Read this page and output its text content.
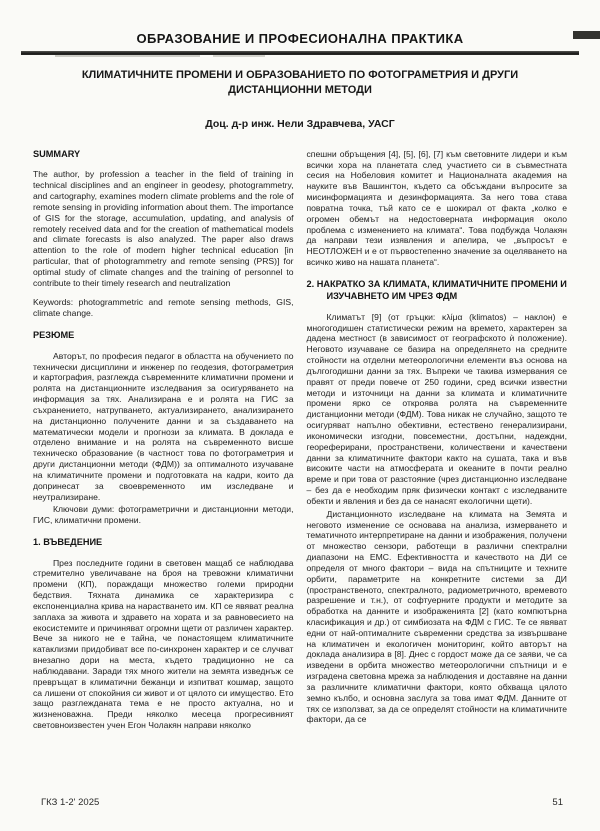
ОБРАЗОВАНИЕ И ПРОФЕСИОНАЛНА ПРАКТИКА
КЛИМАТИЧНИТЕ ПРОМЕНИ И ОБРАЗОВАНИЕТО ПО ФОТОГРАМЕТРИЯ И ДРУГИ ДИСТАНЦИОННИ МЕТОДИ
Доц. д-р инж. Нели Здравчева, УАСГ
SUMMARY

The author, by profession a teacher in the field of training in technical disciplines and an engineer in geodesy, photogrammetry, and cartography, examines modern climate problems and the role of remote sensing in providing information about them. The importance of GIS for the storage, accumulation, updating, and analysis of remotely received data and for the creation of mathematical models and climate forecasts is also analyzed. The paper also draws attention to the role of modern higher technical education [in particular, that of photogrammetry and remote sensing (PRS)] for optimal study of climate changes and the training of personnel to contribute to their timely research and neutralization

Keywords: photogrammetric and remote sensing methods, GIS, climate change.

РЕЗЮМЕ

Авторът, по професия педагог в областта на обучението по технически дисциплини и инженер по геодезия, фотограметрия и картография, разглежда съвременните климатични промени и ролята на дистанционните изследвания за осигуряването на информация за тях. Анализирана е и ролята на ГИС за съхранението, натрупването, актуализирането, анализирането на дистанционно получените данни и за създаването на математически модели и прогнози за климата. В доклада е отделено внимание и на ролята на съвременното висше техническо образование (в частност това по фотограметрия и други дистанционни методи (ФДМ)) за оптималното изучаване на климатичните промени и подготовката на кадри, които да допринесат за своевременното им изследване и неутрализиране.

Ключови думи: фотограметрични и дистанционни методи, ГИС, климатични промени.

1. ВЪВЕДЕНИЕ

През последните години в световен мащаб се наблюдава стремително увеличаване на броя на тревожни климатични промени (КП), пораждащи множество големи природни бедствия. Тяхната динамика се характеризира с експоненциална крива на нарастването им. КП се явяват реална заплаха за живота и здравето на хората и за равновесието на екосистемите и причиняват огромни щети от различен характер. Вече за никого не е тайна, че понастоящем климатичните катаклизми придобиват все по-синхронен характер и се случват внезапно дори на места, където традиционно не са наблюдавани. Заради тях много жители на земята изведнъж се превръщат в климатични бежанци и изпитват кошмар, защото са лишени от спокойния си живот и от цялото си имущество. Ето защо разглежданата тема е не просто актуална, но и жизненоважна. Преди няколко месеца прогресивният световноизвестен учен Егон Чолакян направи няколко

спешни обръщения [4], [5], [6], [7] към световните лидери и към всички хора на планетата след участието си в съвместната сесия на Нобеловия комитет и Националната академия на науките във Вашингтон, където са обсъждани въпросите за мисинформацията и дезинформацията. За него това става повратна точка, тъй като се е шокирал от факта „колко е огромен обемът на недостоверната информация около проблема с изменението на климата“. Това подбужда Чолакян да направи тези изявления и апелира, че „въпросът е НЕОТЛОЖЕН и е от първостепенно значение за оцеляването на всичко живо на нашата планета“.

2. НАКРАТКО ЗА КЛИМАТА, КЛИМАТИЧНИТЕ ПРОМЕНИ И ИЗУЧАВНЕТО ИМ ЧРЕЗ ФДМ

Климатът [9] (от гръцки: κλίμα (klimatos) – наклон) е многогодишен статистически режим на времето, характерен за дадена местност (в зависимост от географското ѝ положение). Неговото изучаване се базира на определянето на средните стойности на отделни метеорологични елементи въз основа на дългогодишни данни за тях. Въпреки че такива измервания се правят от преди повече от 250 години, сред всички известни методи и източници на данни за климата и климатичните промени ярко се откроява ролята на съвременните дистанционни методи (ФДМ). Това никак не случайно, защото те осигуряват напълно обективни, естествено генерализирани, икономически изгодни, повсеместни, достъпни, надеждни, геореферирани, пространствени, количествени и качествени данни за климатичните фактори както на сушата, така и във високите части на атмосферата и океаните в почти реално време и при това от разстояние (чрез дистанционно изследване – без да е необходим пряк физически контакт с изследваните обекти и явления и без да се нанасят екологични щети).

Дистанционното изследване на климата на Земята и неговото изменение се основава на анализа, измерването и тематичното интерпретиране на данни и изображения, получени от множество сензори, работещи в различни спектрални диапазони на ЕМС. Ефективността и качеството на ДИ се определя от много фактори – вида на спътниците и техните орбити, параметрите на конкретните системи за ДИ (пространственото, спектралното, радиометричното, времевото разрешение и т.н.), от софтуерните продукти и методите за обработка на данните и изображенията [2] (като компютърна класификация и др.) от симбиозата на ФДМ с ГИС. Те се явяват едни от най-оптималните съвременни средства за извършване на климатичен и екологичен мониторинг, който авторът на доклада анализира в [8]. Днес с гордост може да се заяви, че са изведени в орбита множество метеорологични спътници и е изградена световна мрежа за наблюдения и доставяне на данни за различните климатични фактори, която обхваща цялото земно кълбо, и основна заслуга за това имат ФДМ. Данните от тях се използват, за да се определят стойности на климатичните фактори, да се

ГКЗ 1-2' 2025	51
